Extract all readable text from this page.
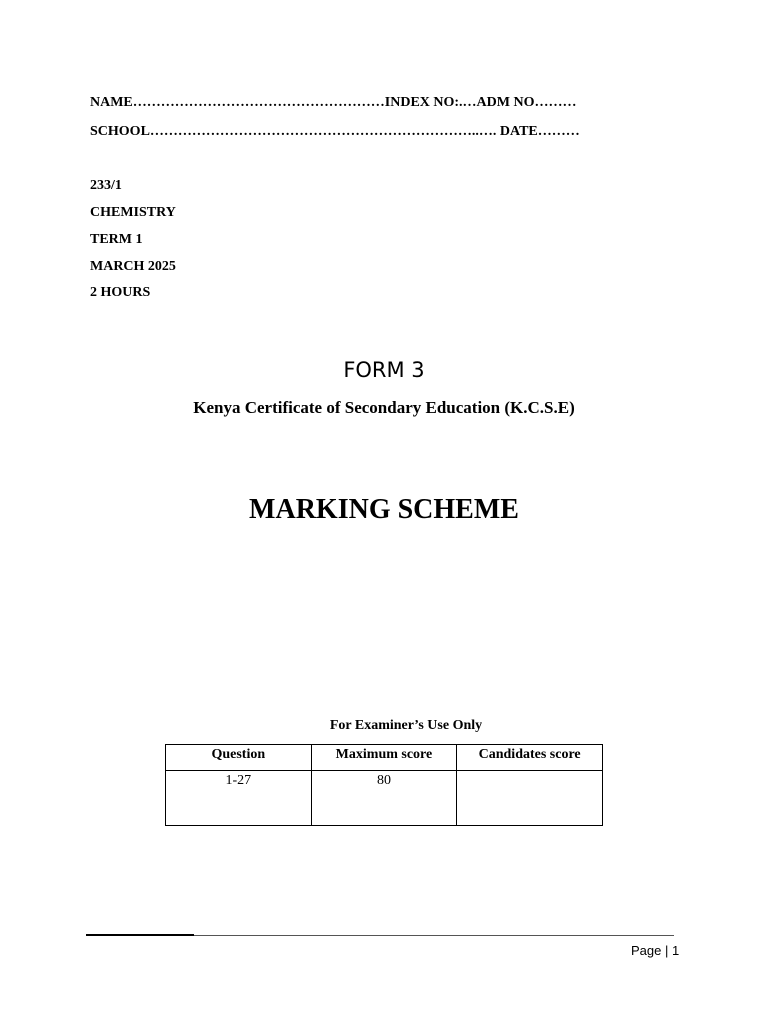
NAME………………………………………………INDEX NO:.…ADM NO………
SCHOOL……………………………………………………………..…. DATE………
233/1
CHEMISTRY
TERM 1
MARCH 2025
2 HOURS
FORM 3
Kenya Certificate of Secondary Education (K.C.S.E)
MARKING SCHEME
For Examiner’s Use Only
Question	Maximum score	Candidates score
1-27	80	
Page | 1
